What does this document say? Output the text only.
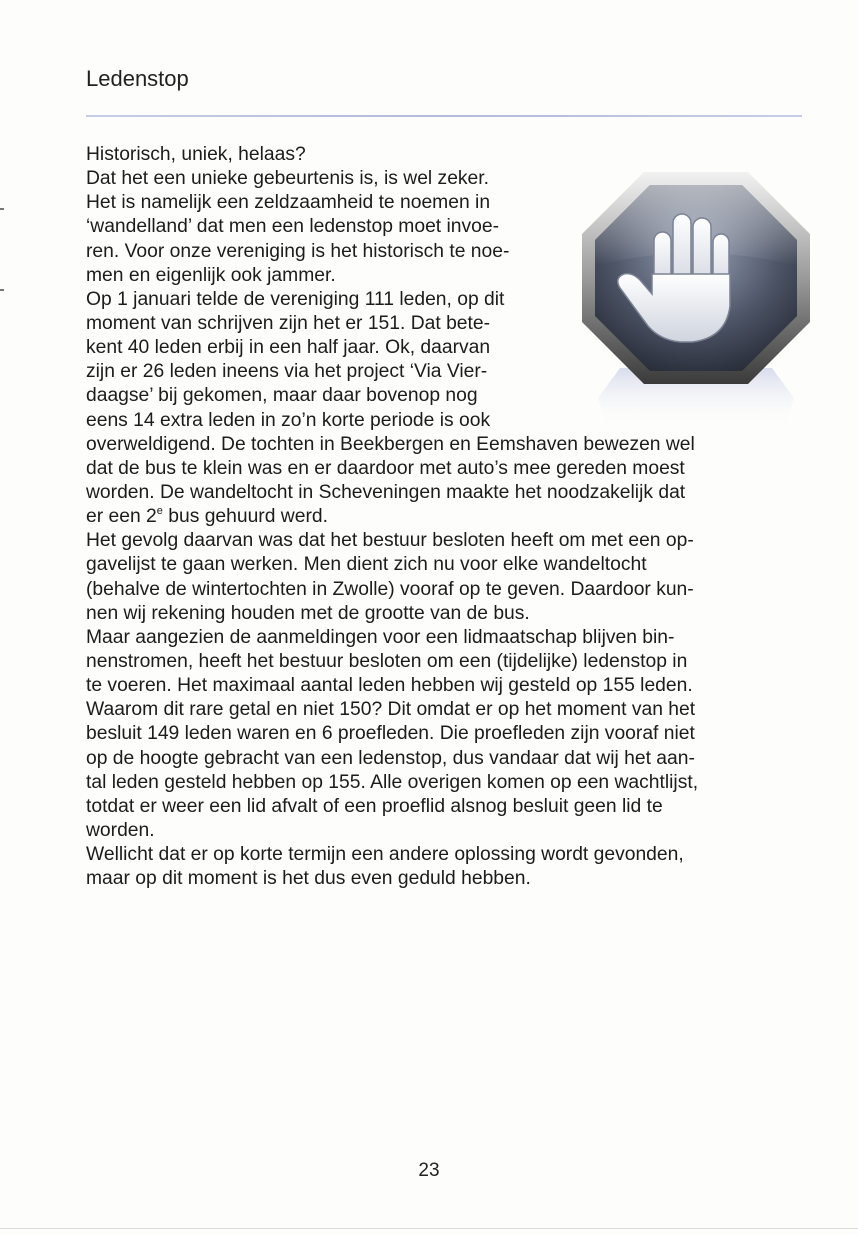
Ledenstop
Historisch, uniek, helaas?
Dat het een unieke gebeurtenis is, is wel zeker.
Het is namelijk een zeldzaamheid te noemen in
‘wandelland’ dat men een ledenstop moet invoe-
ren. Voor onze vereniging is het historisch te noe-
men en eigenlijk ook jammer.
Op 1 januari telde de vereniging 111 leden, op dit
moment van schrijven zijn het er 151. Dat bete-
kent 40 leden erbij in een half jaar. Ok, daarvan
zijn er 26 leden ineens via het project ‘Via Vier-
daagse’ bij gekomen, maar daar bovenop nog
eens 14 extra leden in zo’n korte periode is ook
overweldigend. De tochten in Beekbergen en Eemshaven bewezen wel
dat de bus te klein was en er daardoor met auto’s mee gereden moest
worden. De wandeltocht in Scheveningen maakte het noodzakelijk dat
er een 2e bus gehuurd werd.
Het gevolg daarvan was dat het bestuur besloten heeft om met een op-
gavelijst te gaan werken. Men dient zich nu voor elke wandeltocht
(behalve de wintertochten in Zwolle) vooraf op te geven. Daardoor kun-
nen wij rekening houden met de grootte van de bus.
Maar aangezien de aanmeldingen voor een lidmaatschap blijven bin-
nenstromen, heeft het bestuur besloten om een (tijdelijke) ledenstop in
te voeren. Het maximaal aantal leden hebben wij gesteld op 155 leden.
Waarom dit rare getal en niet 150? Dit omdat er op het moment van het
besluit 149 leden waren en 6 proefleden. Die proefleden zijn vooraf niet
op de hoogte gebracht van een ledenstop, dus vandaar dat wij het aan-
tal leden gesteld hebben op 155. Alle overigen komen op een wachtlijst,
totdat er weer een lid afvalt of een proeflid alsnog besluit geen lid te
worden.
Wellicht dat er op korte termijn een andere oplossing wordt gevonden,
maar op dit moment is het dus even geduld hebben.
23
